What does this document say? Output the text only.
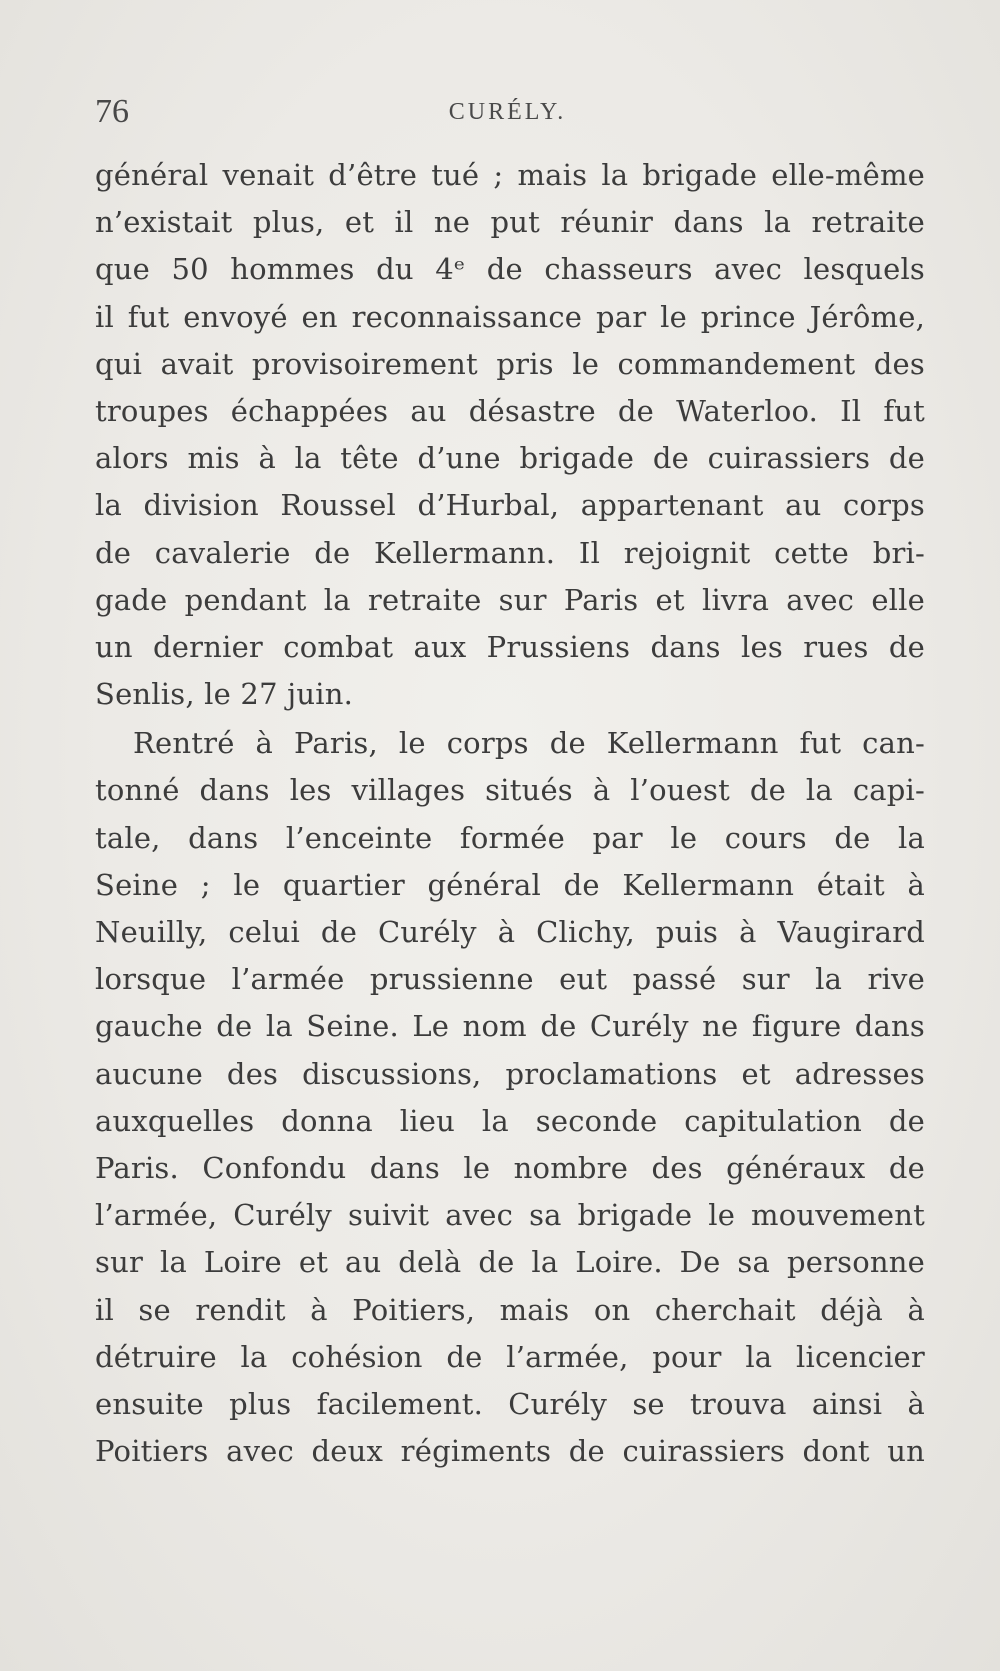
76	CURÉLY.
général venait d’être tué ; mais la brigade elle-même
n’existait plus, et il ne put réunir dans la retraite
que 50 hommes du 4ᵉ de chasseurs avec lesquels
il fut envoyé en reconnaissance par le prince Jérôme,
qui avait provisoirement pris le commandement des
troupes échappées au désastre de Waterloo. Il fut
alors mis à la tête d’une brigade de cuirassiers de
la division Roussel d’Hurbal, appartenant au corps
de cavalerie de Kellermann. Il rejoignit cette bri-
gade pendant la retraite sur Paris et livra avec elle
un dernier combat aux Prussiens dans les rues de
Senlis, le 27 juin.
Rentré à Paris, le corps de Kellermann fut can-
tonné dans les villages situés à l’ouest de la capi-
tale, dans l’enceinte formée par le cours de la
Seine ; le quartier général de Kellermann était à
Neuilly, celui de Curély à Clichy, puis à Vaugirard
lorsque l’armée prussienne eut passé sur la rive
gauche de la Seine. Le nom de Curély ne figure dans
aucune des discussions, proclamations et adresses
auxquelles donna lieu la seconde capitulation de
Paris. Confondu dans le nombre des généraux de
l’armée, Curély suivit avec sa brigade le mouvement
sur la Loire et au delà de la Loire. De sa personne
il se rendit à Poitiers, mais on cherchait déjà à
détruire la cohésion de l’armée, pour la licencier
ensuite plus facilement. Curély se trouva ainsi à
Poitiers avec deux régiments de cuirassiers dont un
